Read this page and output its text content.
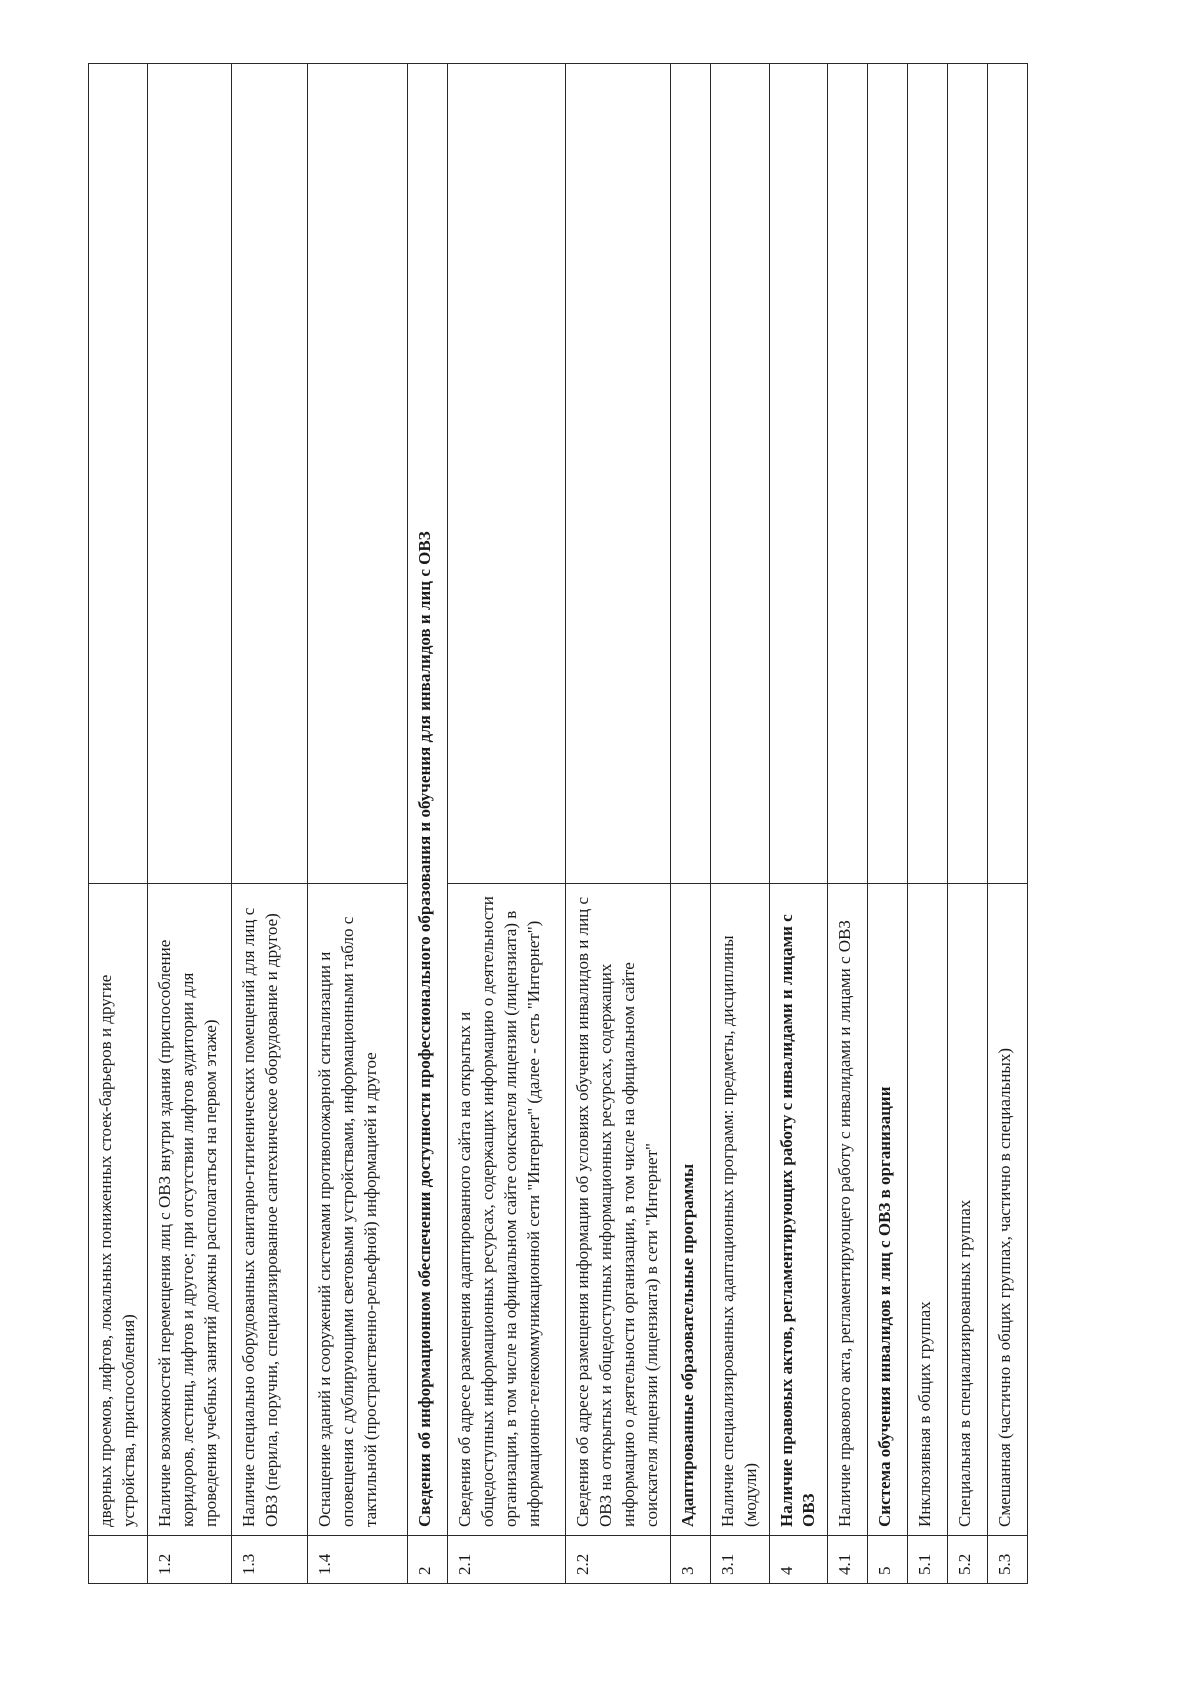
	дверных проемов, лифтов, локальных пониженных стоек-барьеров и другие устройства, приспособления)	
1.2	Наличие возможностей перемещения лиц с ОВЗ внутри здания (приспособление коридоров, лестниц, лифтов и другое; при отсутствии лифтов аудитории для проведения учебных занятий должны располагаться на первом этаже)	
1.3	Наличие специально оборудованных санитарно-гигиенических помещений для лиц с ОВЗ (перила, поручни, специализированное сантехническое оборудование и другое)	
1.4	Оснащение зданий и сооружений системами противопожарной сигнализации и оповещения с дублирующими световыми устройствами, информационными табло с тактильной (пространственно-рельефной) информацией и другое	
2	Сведения об информационном обеспечении доступности профессионального образования и обучения для инвалидов и лиц с ОВЗ	
2.1	Сведения об адресе размещения адаптированного сайта на открытых и общедоступных информационных ресурсах, содержащих информацию о деятельности организации, в том числе на официальном сайте соискателя лицензии (лицензиата) в информационно-телекоммуникационной сети "Интернет" (далее - сеть "Интернет")	
2.2	Сведения об адресе размещения информации об условиях обучения инвалидов и лиц с ОВЗ на открытых и общедоступных информационных ресурсах, содержащих информацию о деятельности организации, в том числе на официальном сайте соискателя лицензии (лицензиата) в сети "Интернет"	
3	Адаптированные образовательные программы	
3.1	Наличие специализированных адаптационных программ: предметы, дисциплины (модули)	
4	Наличие правовых актов, регламентирующих работу с инвалидами и лицами с ОВЗ	
4.1	Наличие правового акта, регламентирующего работу с инвалидами и лицами с ОВЗ	
5	Система обучения инвалидов и лиц с ОВЗ в организации	
5.1	Инклюзивная в общих группах	
5.2	Специальная в специализированных группах	
5.3	Смешанная (частично в общих группах, частично в специальных)	
